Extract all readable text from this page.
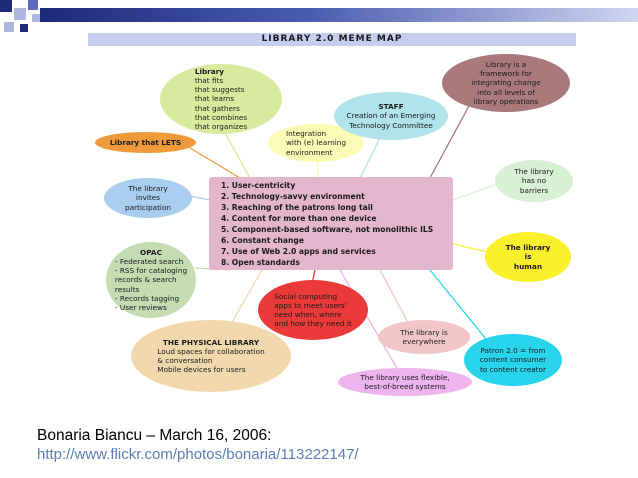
LIBRARY 2.0 MEME MAP
Library

that fits
that suggests
that learns
that gathers
that combines
that organizes
Library that LETS
The library
invites
participation
OPAC
- Federated search
- RSS for cataloging
records & search
results
- Records tagging
- User reviews
THE PHYSICAL LIBRARY
Loud spaces for collaboration
& conversation
Mobile devices for users
Integration
with (e) learning
environment
STAFF

Creation of an Emerging
Technology Committee
Library is a
framework for
integrating change
into all levels of
library operations
The library
has no
barriers
The library
is
human
Social computing
apps to meet users'
need when, where
and how they need it
The library is
everywhere
Patron 2.0 = from
content consumer
to content creator
The library uses flexible,
best-of-breed systems
1. User-centricity
2. Technology-savvy environment
3. Reaching of the patrons long tail
4. Content for more than one device
5. Component-based software, not monolithic ILS
6. Constant change
7. Use of Web 2.0 apps and services
8. Open standards
Bonaria Biancu – March 16, 2006:
http://www.flickr.com/photos/bonaria/113222147/
